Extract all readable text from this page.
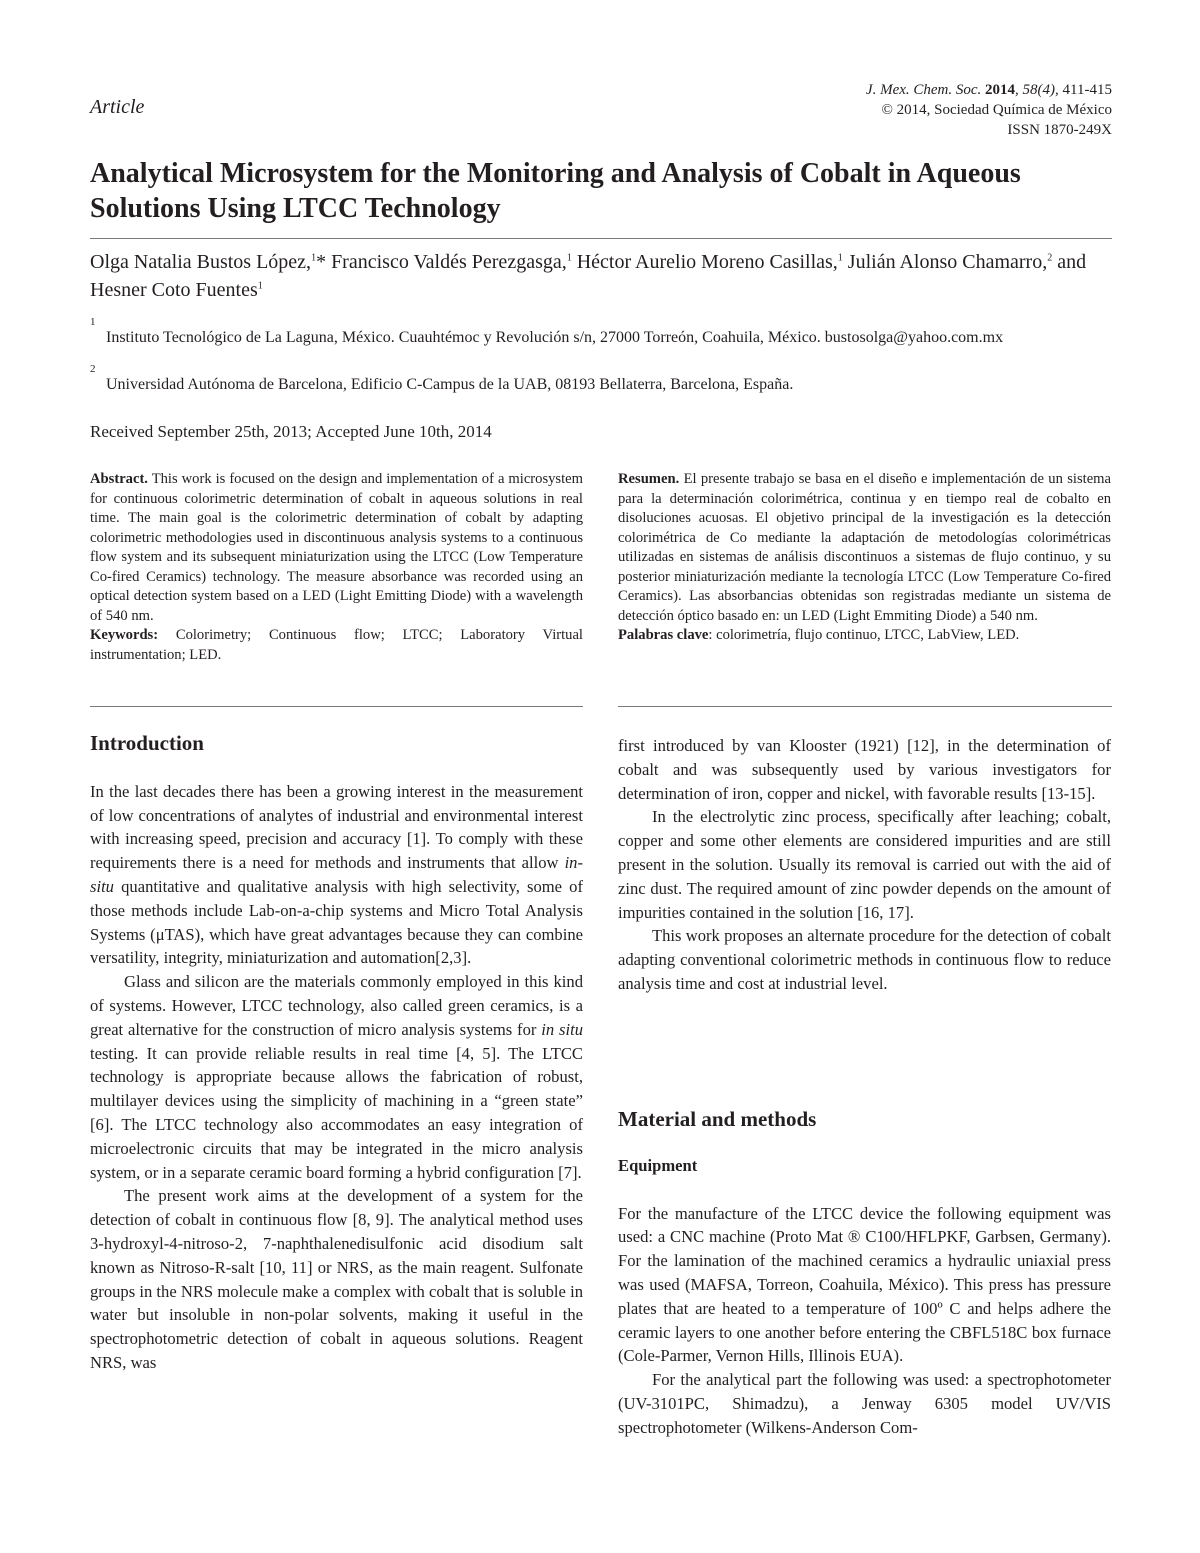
Article
J. Mex. Chem. Soc. 2014, 58(4), 411-415
© 2014, Sociedad Química de México
ISSN 1870-249X
Analytical Microsystem for the Monitoring and Analysis of Cobalt in Aqueous Solutions Using LTCC Technology
Olga Natalia Bustos López,$^1$* Francisco Valdés Perezgasga,$^1$ Héctor Aurelio Moreno Casillas,$^1$ Julián Alonso Chamarro,$^2$ and Hesner Coto Fuentes$^1$
1
Instituto Tecnológico de La Laguna, México. Cuauhtémoc y Revolución s/n, 27000 Torreón, Coahuila, México. bustosolga@yahoo.com.mx
2
Universidad Autónoma de Barcelona, Edificio C-Campus de la UAB, 08193 Bellaterra, Barcelona, España.
Received September 25th, 2013; Accepted June 10th, 2014

Abstract. This work is focused on the design and implementation of a microsystem for continuous colorimetric determination of cobalt in aqueous solutions in real time. The main goal is the colorimetric determination of cobalt by adapting colorimetric methodologies used in discontinuous analysis systems to a continuous flow system and its subsequent miniaturization using the LTCC (Low Temperature Co-fired Ceramics) technology. The measure absorbance was recorded using an optical detection system based on a LED (Light Emitting Diode) with a wavelength of 540 nm.

Keywords: Colorimetry; Continuous flow; LTCC; Laboratory Virtual instrumentation; LED.

Resumen. El presente trabajo se basa en el diseño e implementación de un sistema para la determinación colorimétrica, continua y en tiempo real de cobalto en disoluciones acuosas. El objetivo principal de la investigación es la detección colorimétrica de Co mediante la adaptación de metodologías colorimétricas utilizadas en sistemas de análisis discontinuos a sistemas de flujo continuo, y su posterior miniaturización mediante la tecnología LTCC (Low Temperature Co-fired Ceramics). Las absorbancias obtenidas son registradas mediante un sistema de detección óptico basado en: un LED (Light Emmiting Diode) a 540 nm.

Palabras clave: colorimetría, flujo continuo, LTCC, LabView, LED.

Introduction

In the last decades there has been a growing interest in the measurement of low concentrations of analytes of industrial and environmental interest with increasing speed, precision and accuracy [1]. To comply with these requirements there is a need for methods and instruments that allow in-situ quantitative and qualitative analysis with high selectivity, some of those methods include Lab-on-a-chip systems and Micro Total Analysis Systems (μTAS), which have great advantages because they can combine versatility, integrity, miniaturization and automation[2,3].

Glass and silicon are the materials commonly employed in this kind of systems. However, LTCC technology, also called green ceramics, is a great alternative for the construction of micro analysis systems for in situ testing. It can provide reliable results in real time [4, 5]. The LTCC technology is appropriate because allows the fabrication of robust, multilayer devices using the simplicity of machining in a “green state” [6]. The LTCC technology also accommodates an easy integration of microelectronic circuits that may be integrated in the micro analysis system, or in a separate ceramic board forming a hybrid configuration [7].

The present work aims at the development of a system for the detection of cobalt in continuous flow [8, 9]. The analytical method uses 3-hydroxyl-4-nitroso-2, 7-naphthalenedisulfonic acid disodium salt known as Nitroso-R-salt [10, 11] or NRS, as the main reagent. Sulfonate groups in the NRS molecule make a complex with cobalt that is soluble in water but insoluble in non-polar solvents, making it useful in the spectrophotometric detection of cobalt in aqueous solutions. Reagent NRS, was

first introduced by van Klooster (1921) [12], in the determination of cobalt and was subsequently used by various investigators for determination of iron, copper and nickel, with favorable results [13-15].

In the electrolytic zinc process, specifically after leaching; cobalt, copper and some other elements are considered impurities and are still present in the solution. Usually its removal is carried out with the aid of zinc dust. The required amount of zinc powder depends on the amount of impurities contained in the solution [16, 17].

This work proposes an alternate procedure for the detection of cobalt adapting conventional colorimetric methods in continuous flow to reduce analysis time and cost at industrial level.

Material and methods
Equipment

For the manufacture of the LTCC device the following equipment was used: a CNC machine (Proto Mat ® C100/HFLPKF, Garbsen, Germany). For the lamination of the machined ceramics a hydraulic uniaxial press was used (MAFSA, Torreon, Coahuila, México). This press has pressure plates that are heated to a temperature of 100º C and helps adhere the ceramic layers to one another before entering the CBFL518C box furnace (Cole-Parmer, Vernon Hills, Illinois EUA).

For the analytical part the following was used: a spectrophotometer (UV-3101PC, Shimadzu), a Jenway 6305 model UV/VIS spectrophotometer (Wilkens-Anderson Com-
